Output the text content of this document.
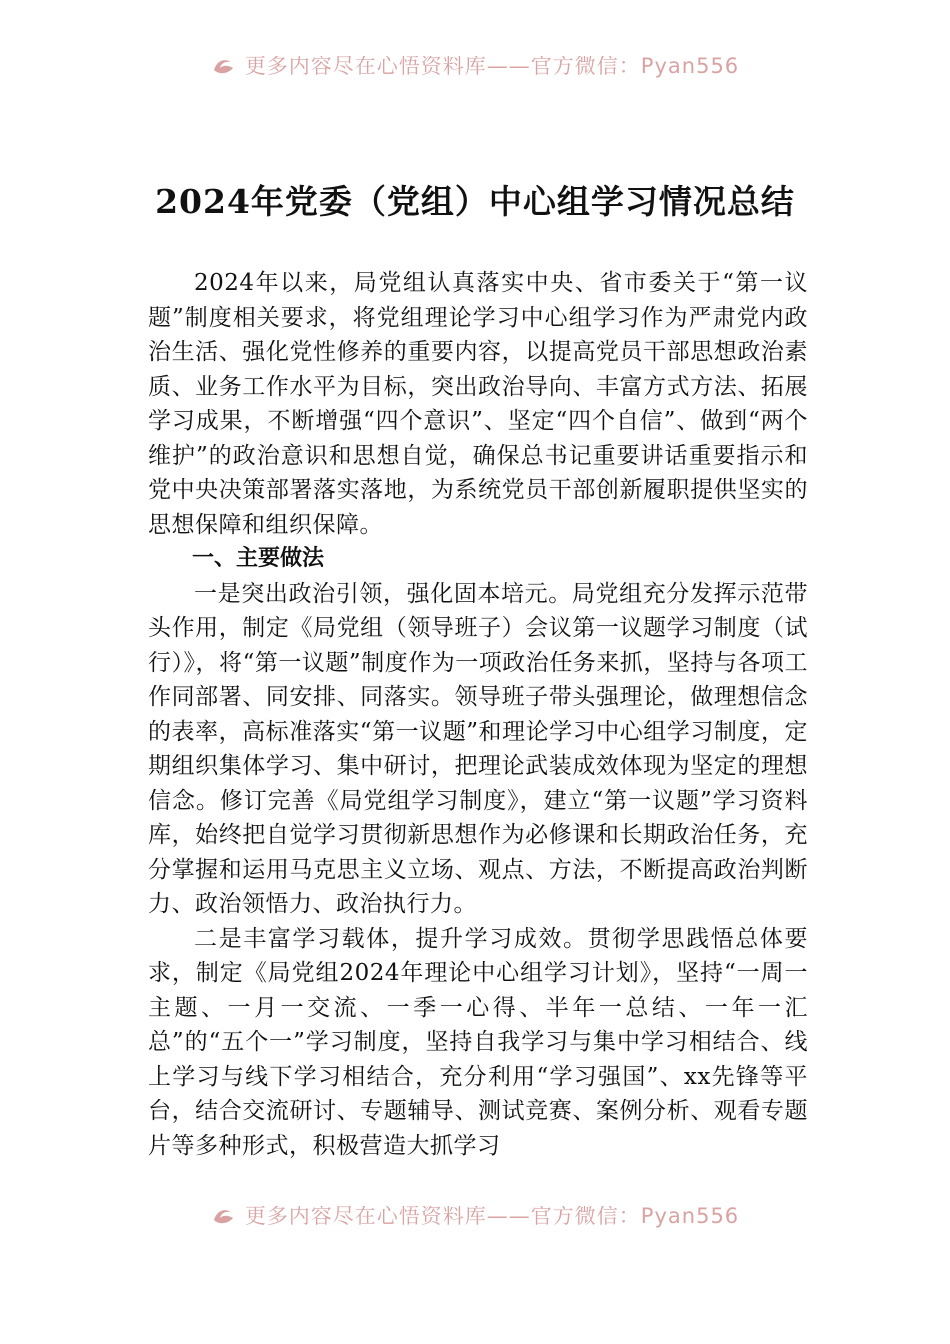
更多内容尽在心悟资料库——官方微信：Pyan556
2024年党委（党组）中心组学习情况总结

2024年以来，局党组认真落实中央、省市委关于“第一议题”制度相关要求，将党组理论学习中心组学习作为严肃党内政治生活、强化党性修养的重要内容，以提高党员干部思想政治素质、业务工作水平为目标，突出政治导向、丰富方式方法、拓展学习成果，不断增强“四个意识”、坚定“四个自信”、做到“两个维护”的政治意识和思想自觉，确保总书记重要讲话重要指示和党中央决策部署落实落地，为系统党员干部创新履职提供坚实的思想保障和组织保障。

一、主要做法

一是突出政治引领，强化固本培元。局党组充分发挥示范带头作用，制定《局党组（领导班子）会议第一议题学习制度（试行）》，将“第一议题”制度作为一项政治任务来抓，坚持与各项工作同部署、同安排、同落实。领导班子带头强理论，做理想信念的表率，高标准落实“第一议题”和理论学习中心组学习制度，定期组织集体学习、集中研讨，把理论武装成效体现为坚定的理想信念。修订完善《局党组学习制度》，建立“第一议题”学习资料库，始终把自觉学习贯彻新思想作为必修课和长期政治任务，充分掌握和运用马克思主义立场、观点、方法，不断提高政治判断力、政治领悟力、政治执行力。

二是丰富学习载体，提升学习成效。贯彻学思践悟总体要求，制定《局党组2024年理论中心组学习计划》，坚持“一周一主题、一月一交流、一季一心得、半年一总结、一年一汇总”的“五个一”学习制度，坚持自我学习与集中学习相结合、线上学习与线下学习相结合，充分利用“学习强国”、xx先锋等平台，结合交流研讨、专题辅导、测试竞赛、案例分析、观看专题片等多种形式，积极营造大抓学习

更多内容尽在心悟资料库——官方微信：Pyan556
